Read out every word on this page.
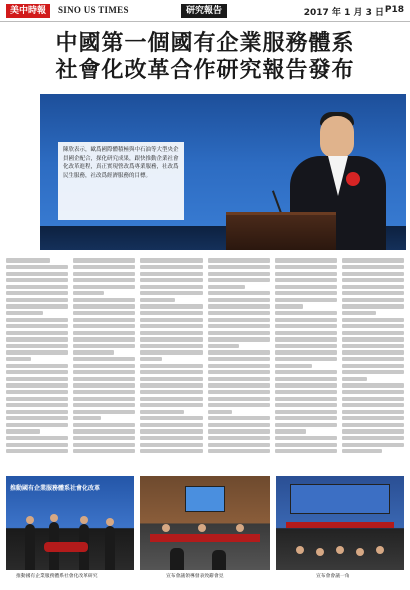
美中時報	SINO US TIMES	研究報告	2017 年 1 月 3 日 P18
中國第一個國有企業服務體系
社會化改革合作研究報告發布
陳欣表示，歐爲國際體積極與中石油等大型央企員國企配合，探化研究成果，跟快推動企業社會化改革進程，真正實現營改爲專業服務，社改爲民生服務，社改爲經濟服務的目標。
推動國有企業服務體系社會化改革
推動國有企業服務體系社會化改革研究	宣布會議領導發表致辭會見	宣布會會議一角
